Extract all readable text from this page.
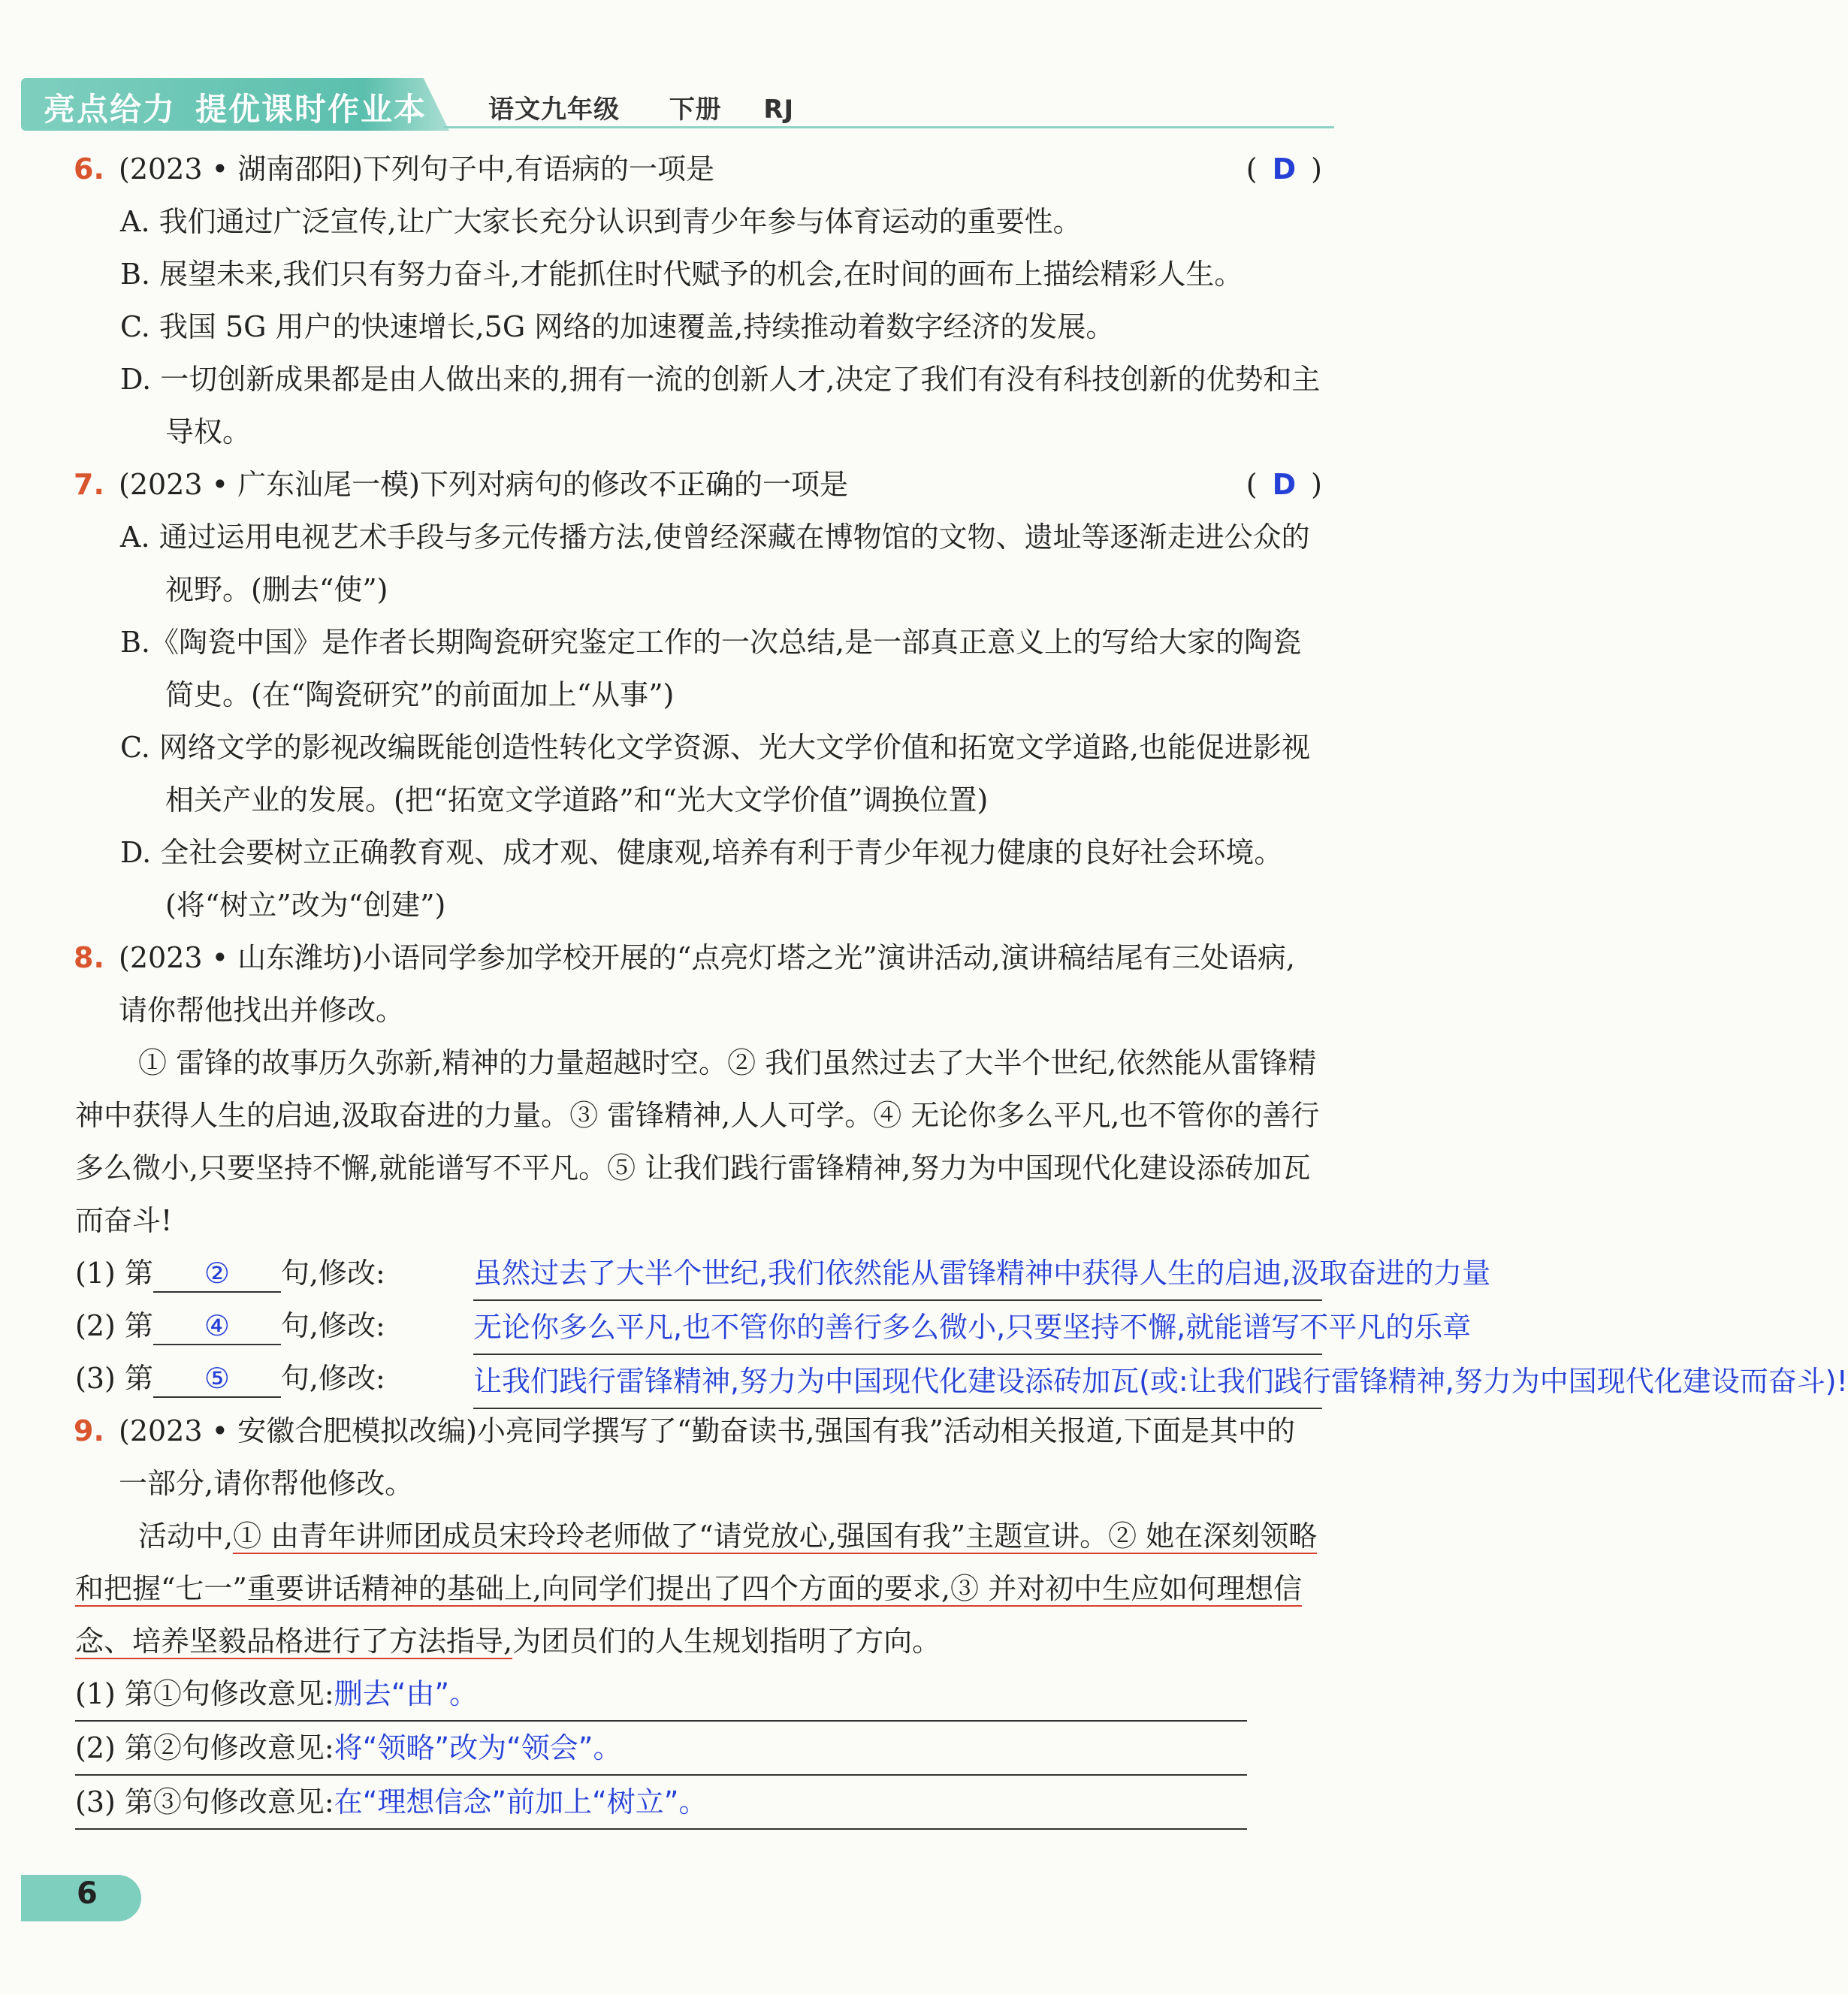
亮点给力 提优课时作业本 语文九年级 下册 RJ
6. (2023 • 湖南邵阳)下列句子中,有语病的一项是	( D )
A. 我们通过广泛宣传,让广大家长充分认识到青少年参与体育运动的重要性。
B. 展望未来,我们只有努力奋斗,才能抓住时代赋予的机会,在时间的画布上描绘精彩人生。
C. 我国 5G 用户的快速增长,5G 网络的加速覆盖,持续推动着数字经济的发展。
D. 一切创新成果都是由人做出来的,拥有一流的创新人才,决定了我们有没有科技创新的优势和主导权。
7. (2023 • 广东汕尾一模)下列对病句的修改不 •正 •确 •的一项是	( D )
A. 通过运用电视艺术手段与多元传播方法,使曾经深藏在博物馆的文物、遗址等逐渐走进公众的视野。(删去“使”)
B.《陶瓷中国》是作者长期陶瓷研究鉴定工作的一次总结,是一部真正意义上的写给大家的陶瓷简史。(在“陶瓷研究”的前面加上“从事”)
C. 网络文学的影视改编既能创造性转化文学资源、光大文学价值和拓宽文学道路,也能促进影视相关产业的发展。(把“拓宽文学道路”和“光大文学价值”调换位置)
D. 全社会要树立正确教育观、成才观、健康观,培养有利于青少年视力健康的良好社会环境。(将“树立”改为“创建”)
8. (2023 • 山东潍坊)小语同学参加学校开展的“点亮灯塔之光”演讲活动,演讲稿结尾有三处语病,请你帮他找出并修改。
① 雷锋的故事历久弥新,精神的力量超越时空。② 我们虽然过去了大半个世纪,依然能从雷锋精神中获得人生的启迪,汲取奋进的力量。③ 雷锋精神,人人可学。④ 无论你多么平凡,也不管你的善行多么微小,只要坚持不懈,就能谱写不平凡。⑤ 让我们践行雷锋精神,努力为中国现代化建设添砖加瓦而奋斗!
(1) 第 ② 句,修改:
(2) 第 ④ 句,修改:
(3) 第 ⑤ 句,修改:
虽然过去了大半个世纪,我们依然能从雷锋精神中获得人生的启迪,汲取奋进的力量
无论你多么平凡,也不管你的善行多么微小,只要坚持不懈,就能谱写不平凡的乐章
让我们践行雷锋精神,努力为中国现代化建设添砖加瓦(或:让我们践行雷锋精神,努力为中国现代化建设而奋斗)!
9. (2023 • 安徽合肥模拟改编)小亮同学撰写了“勤奋读书,强国有我”活动相关报道,下面是其中的一部分,请你帮他修改。
活动中,① 由青年讲师团成员宋玲玲老师做了“请党放心,强国有我”主题宣讲。② 她在深刻领略和把握“七一”重要讲话精神的基础上,向同学们提出了四个方面的要求,③ 并对初中生应如何理想信念、培养坚毅品格进行了方法指导,为团员们的人生规划指明了方向。
(1) 第①句修改意见:删去“由”。
(2) 第②句修改意见:将“领略”改为“领会”。
(3) 第③句修改意见:在“理想信念”前加上“树立”。
6
